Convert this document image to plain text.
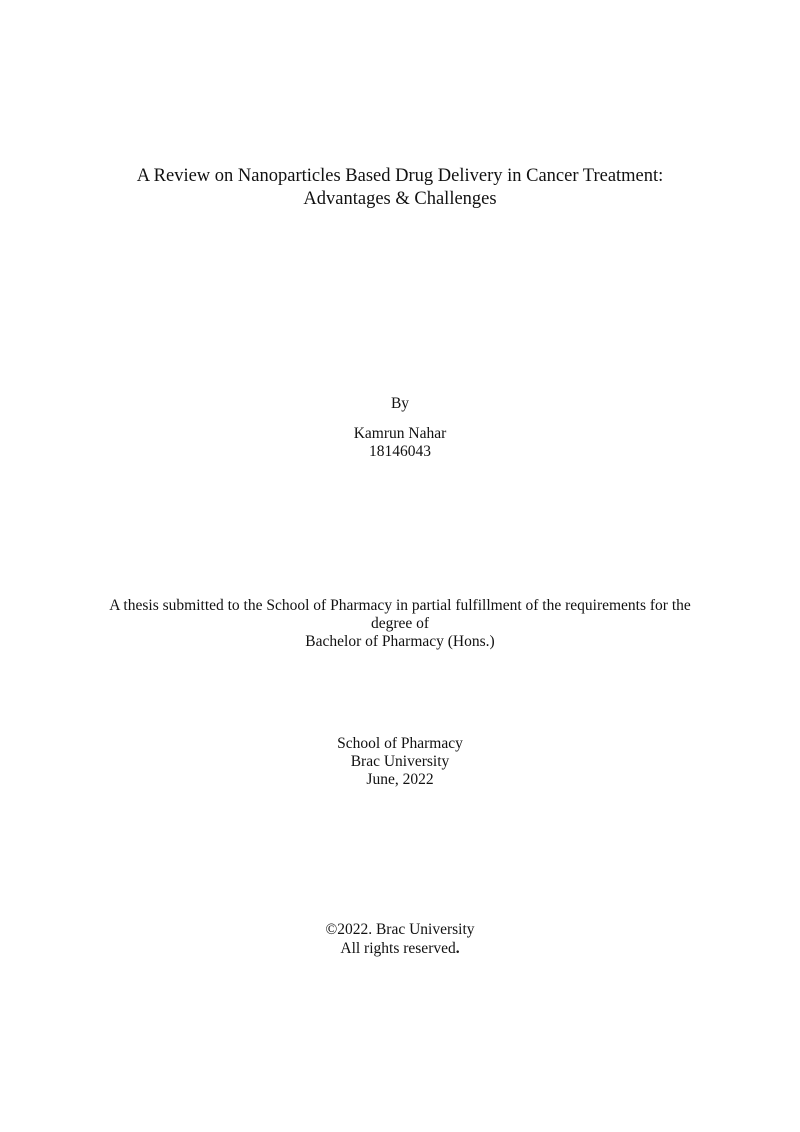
A Review on Nanoparticles Based Drug Delivery in Cancer Treatment:
Advantages & Challenges
By
Kamrun Nahar
18146043
A thesis submitted to the School of Pharmacy in partial fulfillment of the requirements for the
degree of
Bachelor of Pharmacy (Hons.)
School of Pharmacy
Brac University
June, 2022
©2022. Brac University
All rights reserved.
